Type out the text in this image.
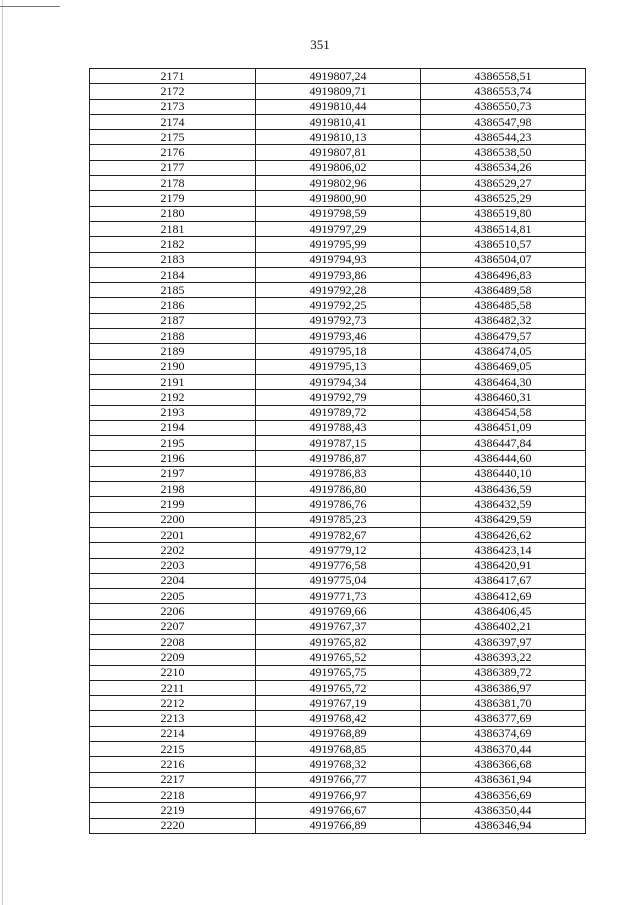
351
2171	4919807,24	4386558,51
2172	4919809,71	4386553,74
2173	4919810,44	4386550,73
2174	4919810,41	4386547,98
2175	4919810,13	4386544,23
2176	4919807,81	4386538,50
2177	4919806,02	4386534,26
2178	4919802,96	4386529,27
2179	4919800,90	4386525,29
2180	4919798,59	4386519,80
2181	4919797,29	4386514,81
2182	4919795,99	4386510,57
2183	4919794,93	4386504,07
2184	4919793,86	4386496,83
2185	4919792,28	4386489,58
2186	4919792,25	4386485,58
2187	4919792,73	4386482,32
2188	4919793,46	4386479,57
2189	4919795,18	4386474,05
2190	4919795,13	4386469,05
2191	4919794,34	4386464,30
2192	4919792,79	4386460,31
2193	4919789,72	4386454,58
2194	4919788,43	4386451,09
2195	4919787,15	4386447,84
2196	4919786,87	4386444,60
2197	4919786,83	4386440,10
2198	4919786,80	4386436,59
2199	4919786,76	4386432,59
2200	4919785,23	4386429,59
2201	4919782,67	4386426,62
2202	4919779,12	4386423,14
2203	4919776,58	4386420,91
2204	4919775,04	4386417,67
2205	4919771,73	4386412,69
2206	4919769,66	4386406,45
2207	4919767,37	4386402,21
2208	4919765,82	4386397,97
2209	4919765,52	4386393,22
2210	4919765,75	4386389,72
2211	4919765,72	4386386,97
2212	4919767,19	4386381,70
2213	4919768,42	4386377,69
2214	4919768,89	4386374,69
2215	4919768,85	4386370,44
2216	4919768,32	4386366,68
2217	4919766,77	4386361,94
2218	4919766,97	4386356,69
2219	4919766,67	4386350,44
2220	4919766,89	4386346,94
